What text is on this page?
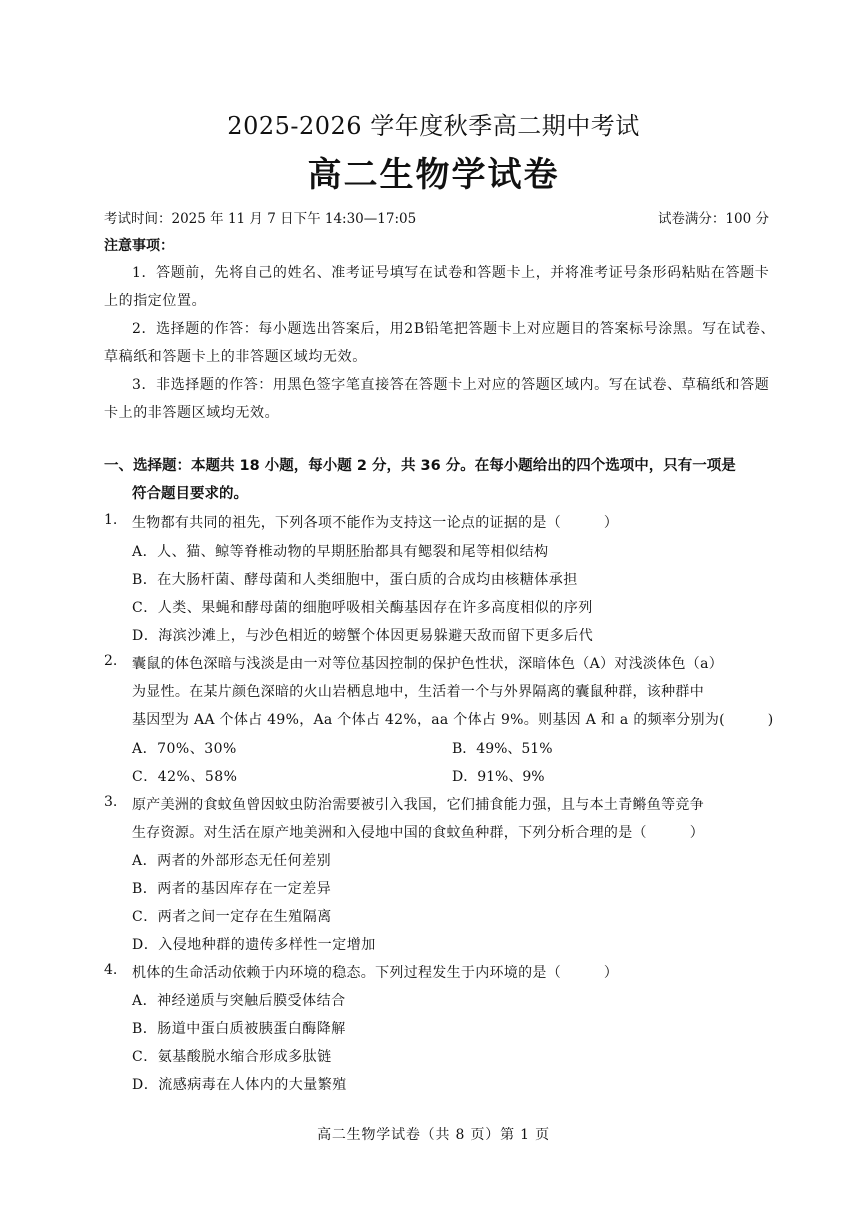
2025-2026 学年度秋季高二期中考试
高二生物学试卷
考试时间：2025 年 11 月 7 日下午 14:30—17:05	试卷满分：100 分
注意事项：
1．答题前，先将自己的姓名、准考证号填写在试卷和答题卡上，并将准考证号条形码粘贴在答题卡上的指定位置。
2．选择题的作答：每小题选出答案后，用2B铅笔把答题卡上对应题目的答案标号涂黑。写在试卷、草稿纸和答题卡上的非答题区域均无效。
3．非选择题的作答：用黑色签字笔直接答在答题卡上对应的答题区域内。写在试卷、草稿纸和答题卡上的非答题区域均无效。
一、选择题：本题共 18 小题，每小题 2 分，共 36 分。在每小题给出的四个选项中，只有一项是
符合题目要求的。
1. 生物都有共同的祖先，下列各项不能作为支持这一论点的证据的是（　　　）
A．人、猫、鲸等脊椎动物的早期胚胎都具有鳃裂和尾等相似结构
B．在大肠杆菌、酵母菌和人类细胞中，蛋白质的合成均由核糖体承担
C．人类、果蝇和酵母菌的细胞呼吸相关酶基因存在许多高度相似的序列
D．海滨沙滩上，与沙色相近的螃蟹个体因更易躲避天敌而留下更多后代
2. 囊鼠的体色深暗与浅淡是由一对等位基因控制的保护色性状，深暗体色（A）对浅淡体色（a）
为显性。在某片颜色深暗的火山岩栖息地中，生活着一个与外界隔离的囊鼠种群，该种群中
基因型为 AA 个体占 49%，Aa 个体占 42%，aa 个体占 9%。则基因 A 和 a 的频率分别为(　　　)
A．70%、30%	B．49%、51%
C．42%、58%	D．91%、9%
3. 原产美洲的食蚊鱼曾因蚊虫防治需要被引入我国，它们捕食能力强，且与本土青鳉鱼等竞争
生存资源。对生活在原产地美洲和入侵地中国的食蚊鱼种群，下列分析合理的是（　　　）
A．两者的外部形态无任何差别
B．两者的基因库存在一定差异
C．两者之间一定存在生殖隔离
D．入侵地种群的遗传多样性一定增加
4. 机体的生命活动依赖于内环境的稳态。下列过程发生于内环境的是（　　　）
A．神经递质与突触后膜受体结合
B．肠道中蛋白质被胰蛋白酶降解
C．氨基酸脱水缩合形成多肽链
D．流感病毒在人体内的大量繁殖
高二生物学试卷（共 8 页）第 1 页
